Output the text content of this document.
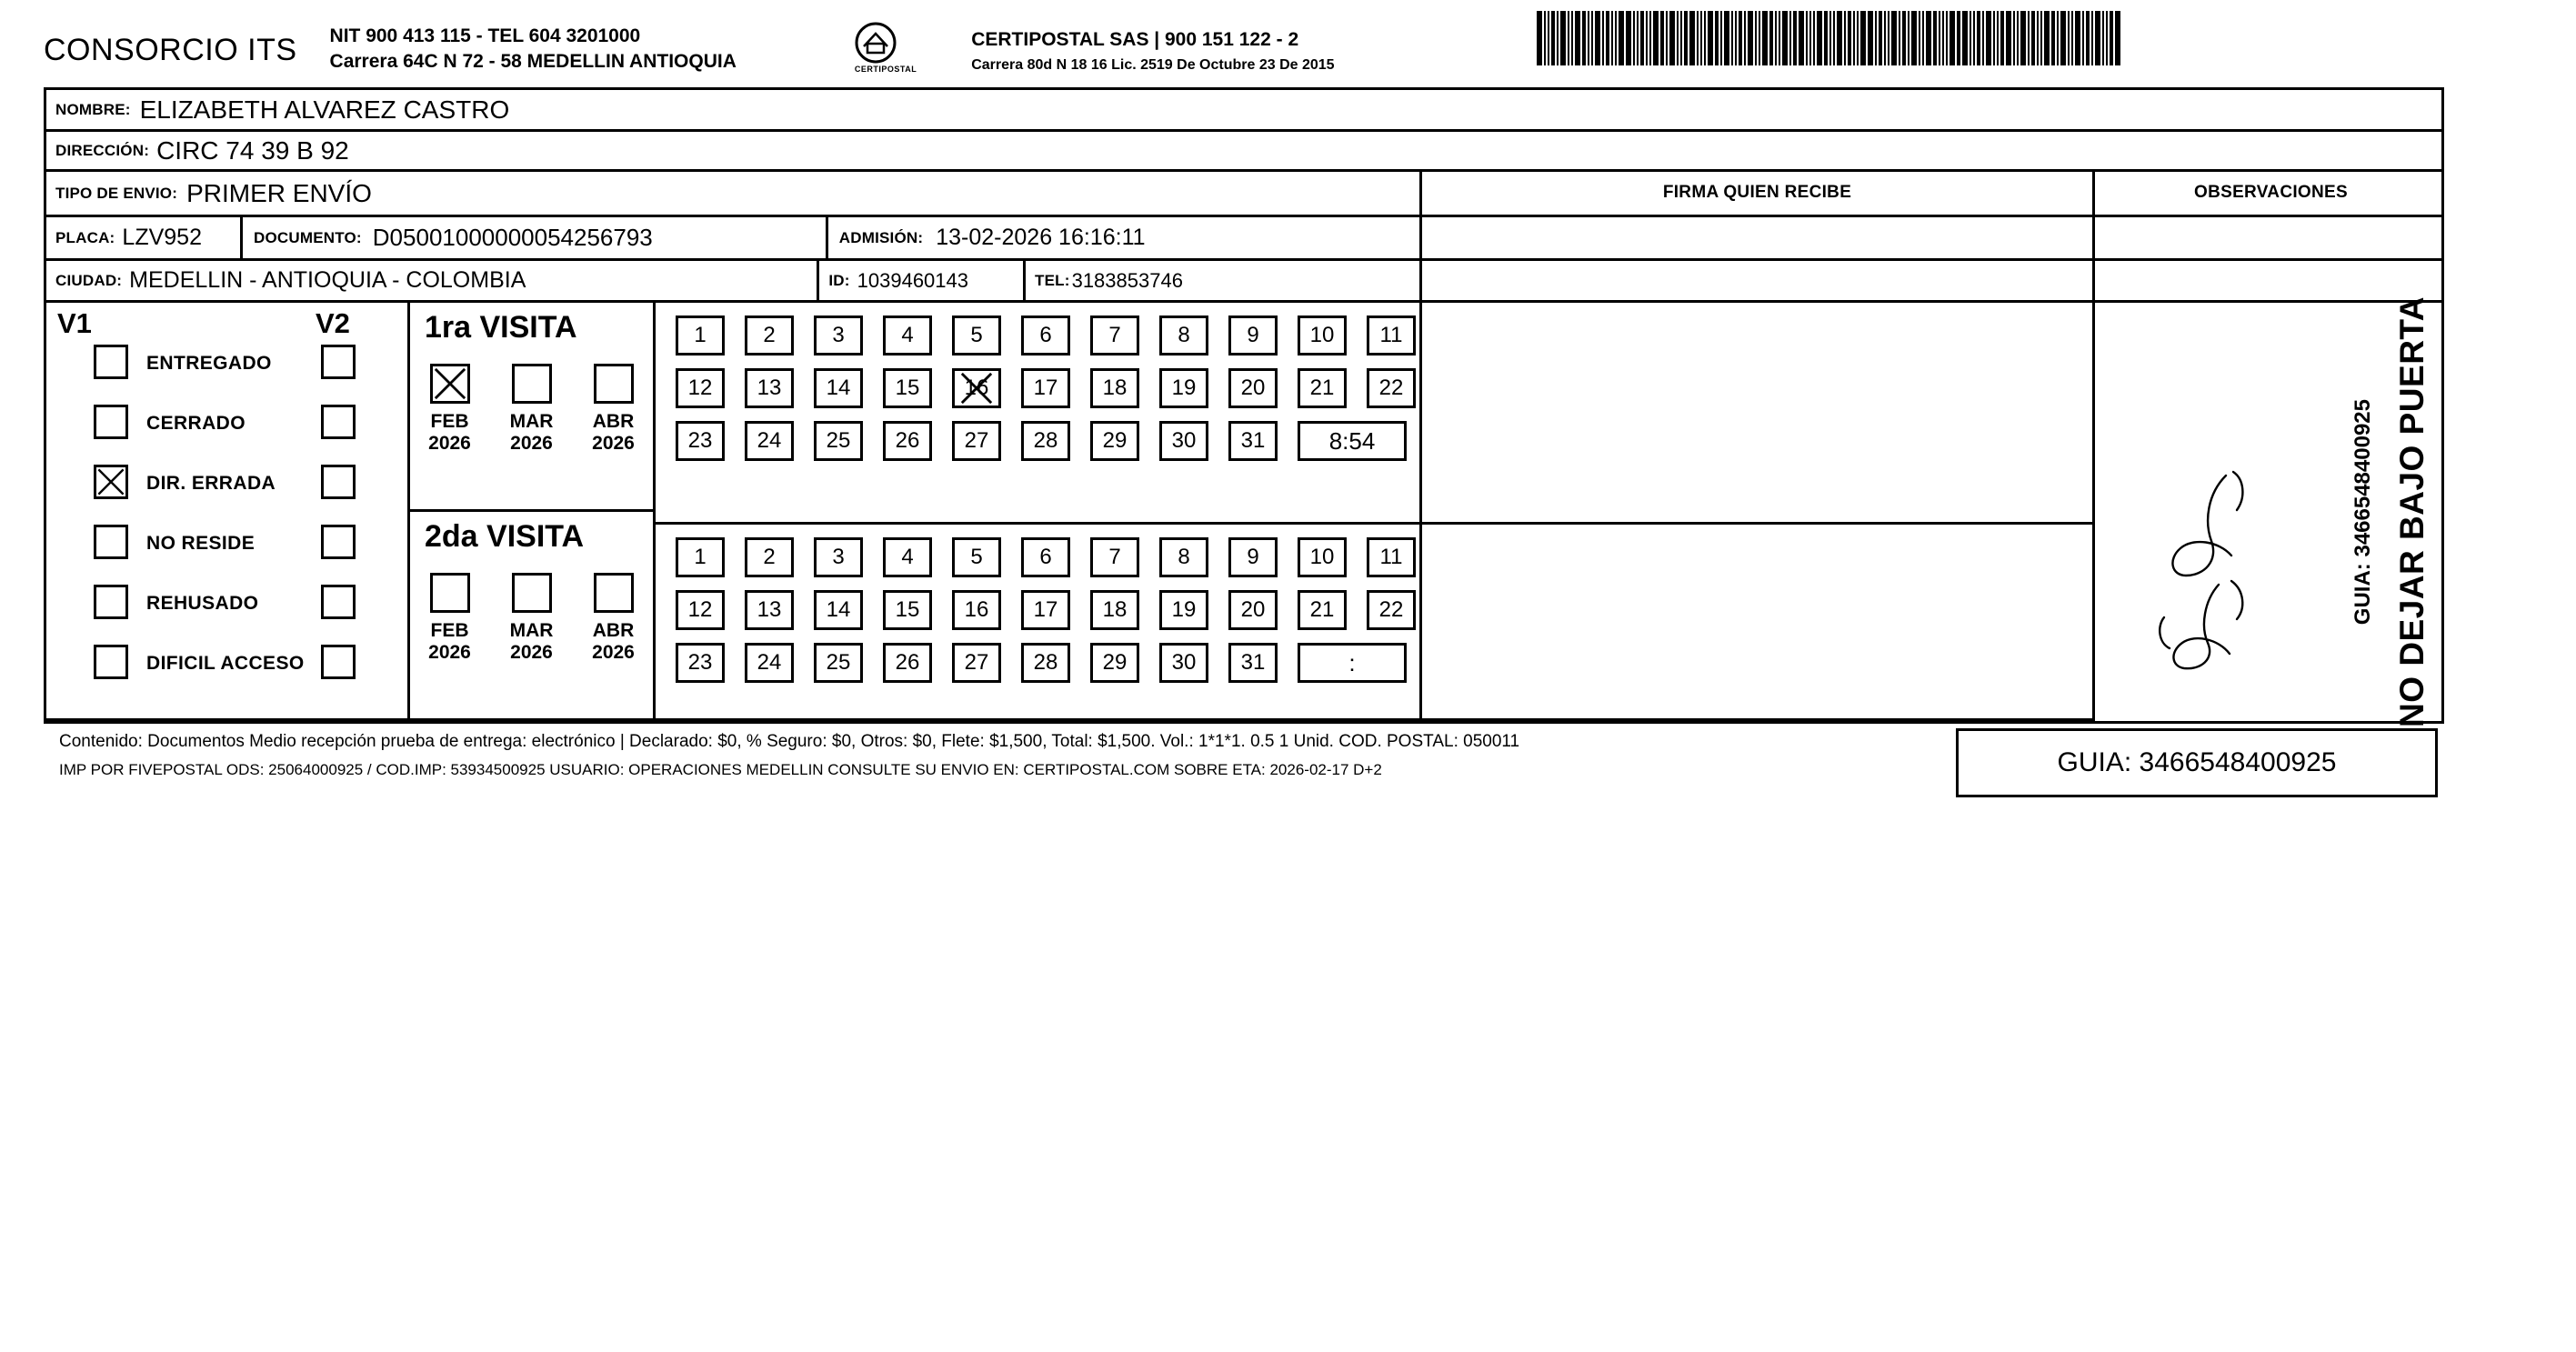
CONSORCIO ITS NIT 900 413 115 - TEL 604 3201000
Carrera 64C N 72 - 58 MEDELLIN ANTIOQUIA	CERTIPOSTAL
CERTIPOSTAL SAS | 900 151 122 - 2
Carrera 80d N 18 16 Lic. 2519 De Octubre 23 De 2015
NOMBRE: ELIZABETH ALVAREZ CASTRO
DIRECCIÓN: CIRC 74 39 B 92
TIPO DE ENVIO: PRIMER ENVÍO
PLACA: LZV952	DOCUMENTO: D05001000000054256793	ADMISIÓN: 13-02-2026 16:16:11
CIUDAD: MEDELLIN - ANTIOQUIA - COLOMBIA	ID: 1039460143	TEL: 3183853746
FIRMA QUIEN RECIBE	OBSERVACIONES
NO DEJAR BAJO PUERTA
GUIA: 3466548400925
V1	V2
ENTREGADO
CERRADO
DIR. ERRADA
NO RESIDE
REHUSADO
DIFICIL ACCESO
1ra VISITA
FEB
2026
MAR
2026
ABR
2026
2da VISITA
FEB
2026
MAR
2026
ABR
2026
1	2	3	4	5	6	7	8	9	10	11
12	13	14	15	16	17	18	19	20	21	22
23	24	25	26	27	28	29	30	31	8:54
1	2	3	4	5	6	7	8	9	10	11
12	13	14	15	16	17	18	19	20	21	22
23	24	25	26	27	28	29	30	31	:
Contenido: Documentos Medio recepción prueba de entrega: electrónico | Declarado: $0, % Seguro: $0, Otros: $0, Flete: $1,500, Total: $1,500. Vol.: 1*1*1. 0.5 1 Unid. COD. POSTAL: 050011
IMP POR FIVEPOSTAL ODS: 25064000925 / COD.IMP: 53934500925 USUARIO: OPERACIONES MEDELLIN CONSULTE SU ENVIO EN: CERTIPOSTAL.COM SOBRE ETA: 2026-02-17 D+2	GUIA: 3466548400925
